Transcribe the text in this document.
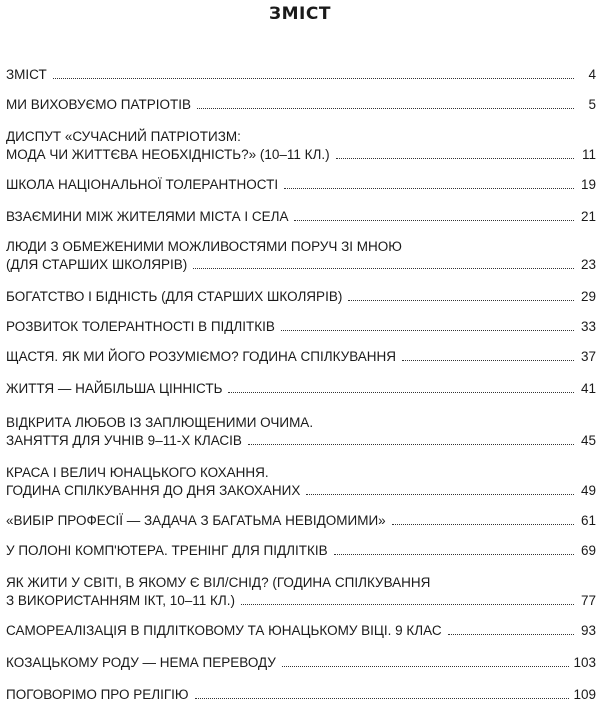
ЗМІСТ
ЗМІСТ	4
МИ ВИХОВУЄМО ПАТРІОТІВ	5
ДИСПУТ «СУЧАСНИЙ ПАТРІОТИЗМ:
МОДА ЧИ ЖИТТЄВА НЕОБХІДНІСТЬ?» (10–11 КЛ.)	11
ШКОЛА НАЦІОНАЛЬНОЇ ТОЛЕРАНТНОСТІ	19
ВЗАЄМИНИ МІЖ ЖИТЕЛЯМИ МІСТА І СЕЛА	21
ЛЮДИ З ОБМЕЖЕНИМИ МОЖЛИВОСТЯМИ ПОРУЧ ЗІ МНОЮ
(ДЛЯ СТАРШИХ ШКОЛЯРІВ)	23
БОГАТСТВО І БІДНІСТЬ (ДЛЯ СТАРШИХ ШКОЛЯРІВ)	29
РОЗВИТОК ТОЛЕРАНТНОСТІ В ПІДЛІТКІВ	33
ЩАСТЯ. ЯК МИ ЙОГО РОЗУМІЄМО? ГОДИНА СПІЛКУВАННЯ	37
ЖИТТЯ — НАЙБІЛЬША ЦІННІСТЬ	41
ВІДКРИТА ЛЮБОВ ІЗ ЗАПЛЮЩЕНИМИ ОЧИМА.
ЗАНЯТТЯ ДЛЯ УЧНІВ 9–11-Х КЛАСІВ	45
КРАСА І ВЕЛИЧ ЮНАЦЬКОГО КОХАННЯ.
ГОДИНА СПІЛКУВАННЯ ДО ДНЯ ЗАКОХАНИХ	49
«ВИБІР ПРОФЕСІЇ — ЗАДАЧА З БАГАТЬМА НЕВІДОМИМИ»	61
У ПОЛОНІ КОМП'ЮТЕРА. ТРЕНІНГ ДЛЯ ПІДЛІТКІВ	69
ЯК ЖИТИ У СВІТІ, В ЯКОМУ Є ВІЛ/СНІД? (ГОДИНА СПІЛКУВАННЯ
З ВИКОРИСТАННЯМ ІКТ, 10–11 КЛ.)	77
САМОРЕАЛІЗАЦІЯ В ПІДЛІТКОВОМУ ТА ЮНАЦЬКОМУ ВІЦІ. 9 КЛАС	93
КОЗАЦЬКОМУ РОДУ — НЕМА ПЕРЕВОДУ	103
ПОГОВОРІМО ПРО РЕЛІГІЮ	109
